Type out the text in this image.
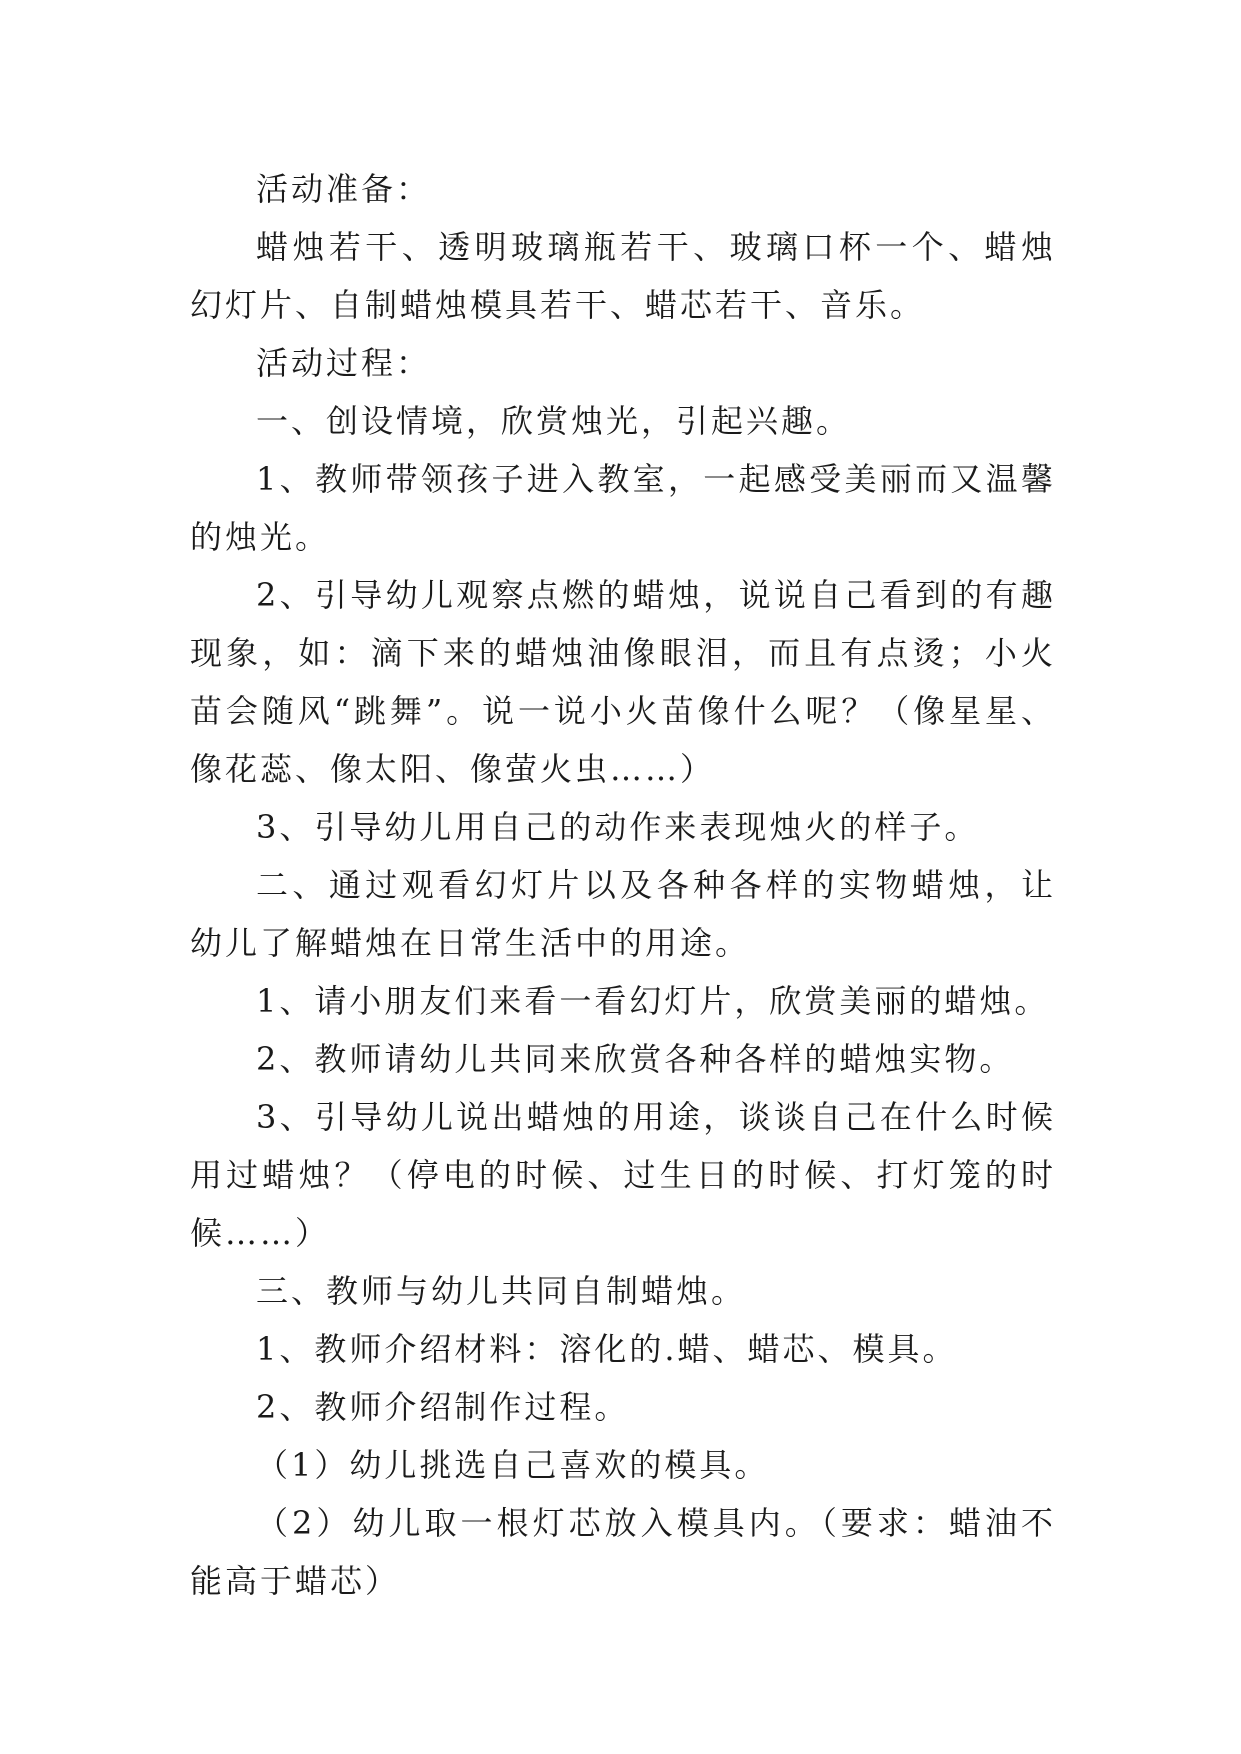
活动准备：

蜡烛若干、透明玻璃瓶若干、玻璃口杯一个、蜡烛幻灯片、自制蜡烛模具若干、蜡芯若干、音乐。

活动过程：

一、创设情境，欣赏烛光，引起兴趣。

1、教师带领孩子进入教室，一起感受美丽而又温馨的烛光。

2、引导幼儿观察点燃的蜡烛，说说自己看到的有趣现象，如：滴下来的蜡烛油像眼泪，而且有点烫；小火苗会随风“跳舞”。说一说小火苗像什么呢？（像星星、像花蕊、像太阳、像萤火虫……）

3、引导幼儿用自己的动作来表现烛火的样子。

二、通过观看幻灯片以及各种各样的实物蜡烛，让幼儿了解蜡烛在日常生活中的用途。

1、请小朋友们来看一看幻灯片，欣赏美丽的蜡烛。

2、教师请幼儿共同来欣赏各种各样的蜡烛实物。

3、引导幼儿说出蜡烛的用途，谈谈自己在什么时候用过蜡烛？（停电的时候、过生日的时候、打灯笼的时候……）

三、教师与幼儿共同自制蜡烛。

1、教师介绍材料：溶化的.蜡、蜡芯、模具。

2、教师介绍制作过程。

（1）幼儿挑选自己喜欢的模具。

（2）幼儿取一根灯芯放入模具内。（要求：蜡油不能高于蜡芯）
